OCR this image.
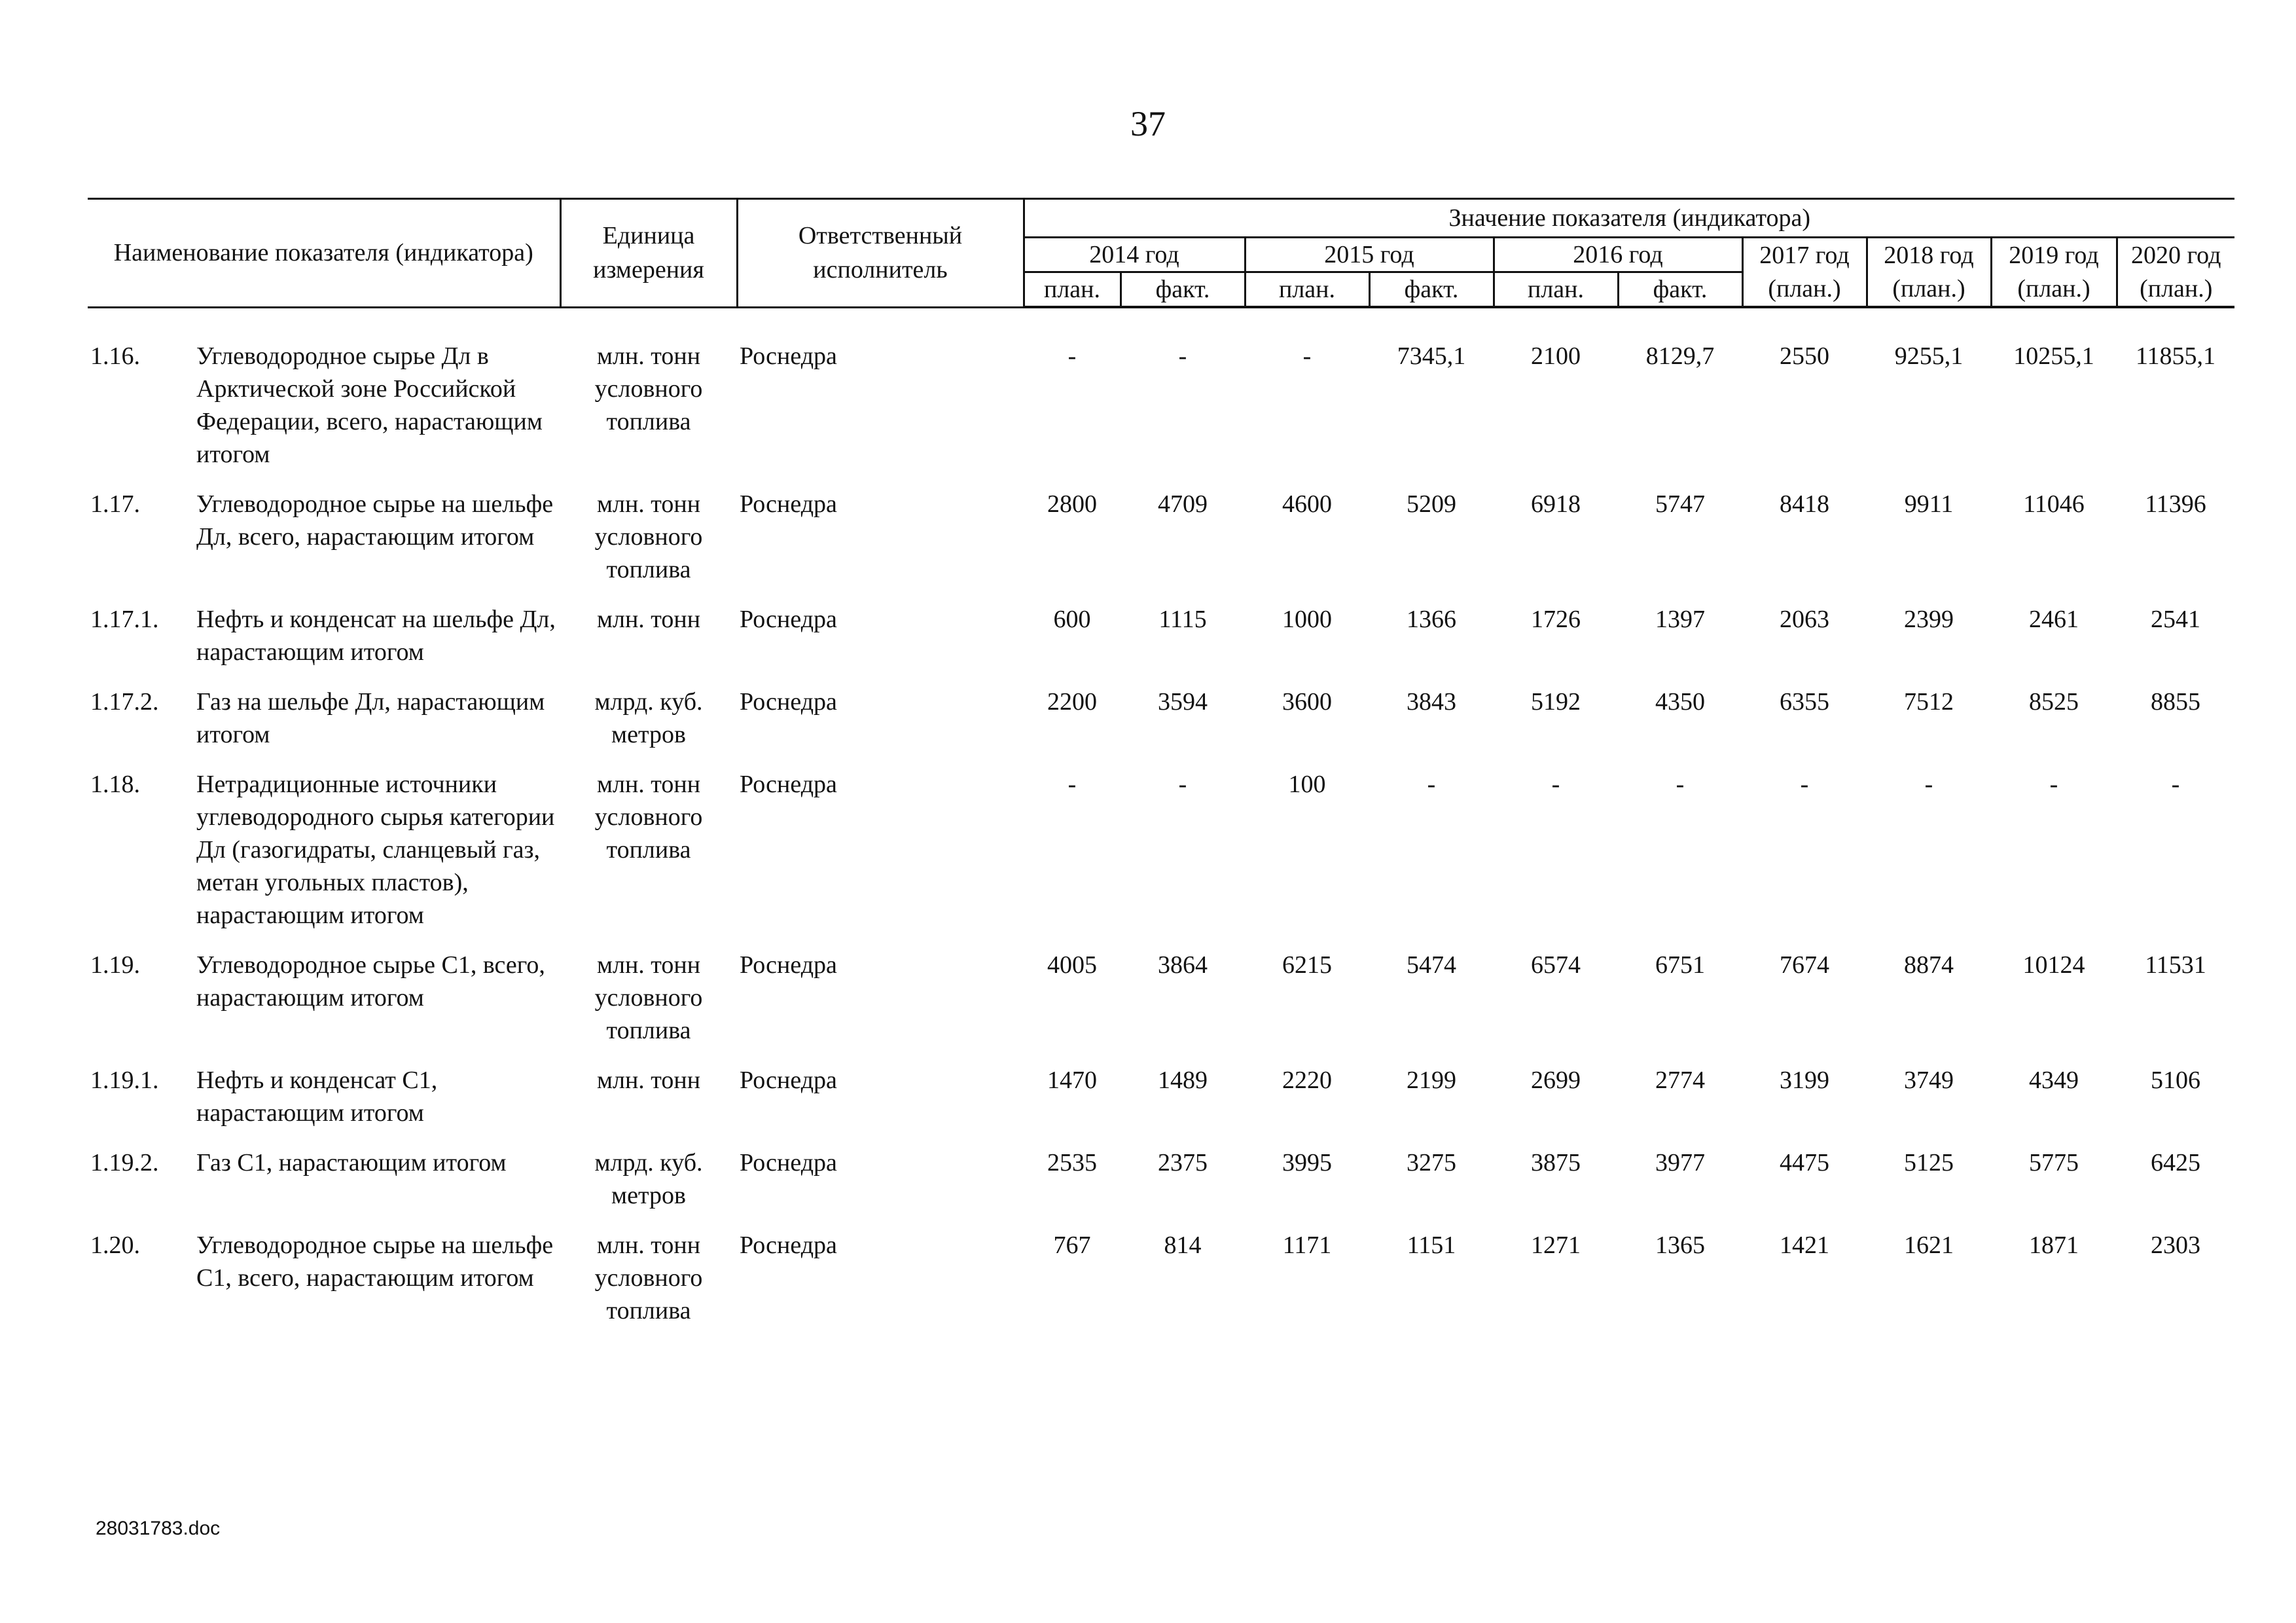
37
Наименование показателя (индикатора)		Единица измерения	Ответственный исполнитель	Значение показателя (индикатора)									
				2014 год		2015 год		2016 год		2017 год	2018 год	2019 год	2020 год
				план.	факт.	план.	факт.	план.	факт.	(план.)	(план.)	(план.)	(план.)

1.16.	Углеводородное сырье Дл в Арктической зоне Российской Федерации, всего, нарастающим итогом	млн. тонн условного топлива	Роснедра	-	-	-	7345,1	2100	8129,7	2550	9255,1	10255,1	11855,1
1.17.	Углеводородное сырье на шельфе Дл, всего, нарастающим итогом	млн. тонн условного топлива	Роснедра	2800	4709	4600	5209	6918	5747	8418	9911	11046	11396
1.17.1.	Нефть и конденсат на шельфе Дл, нарастающим итогом	млн. тонн	Роснедра	600	1115	1000	1366	1726	1397	2063	2399	2461	2541
1.17.2.	Газ на шельфе Дл, нарастающим итогом	млрд. куб. метров	Роснедра	2200	3594	3600	3843	5192	4350	6355	7512	8525	8855
1.18.	Нетрадиционные источники углеводородного сырья категории Дл (газогидраты, сланцевый газ, метан угольных пластов), нарастающим итогом	млн. тонн условного топлива	Роснедра	-	-	100	-	-	-	-	-	-	-
1.19.	Углеводородное сырье С1, всего, нарастающим итогом	млн. тонн условного топлива	Роснедра	4005	3864	6215	5474	6574	6751	7674	8874	10124	11531
1.19.1.	Нефть и конденсат С1, нарастающим итогом	млн. тонн	Роснедра	1470	1489	2220	2199	2699	2774	3199	3749	4349	5106
1.19.2.	Газ С1, нарастающим итогом	млрд. куб. метров	Роснедра	2535	2375	3995	3275	3875	3977	4475	5125	5775	6425
1.20.	Углеводородное сырье на шельфе С1, всего, нарастающим итогом	млн. тонн условного топлива	Роснедра	767	814	1171	1151	1271	1365	1421	1621	1871	2303
28031783.doc
